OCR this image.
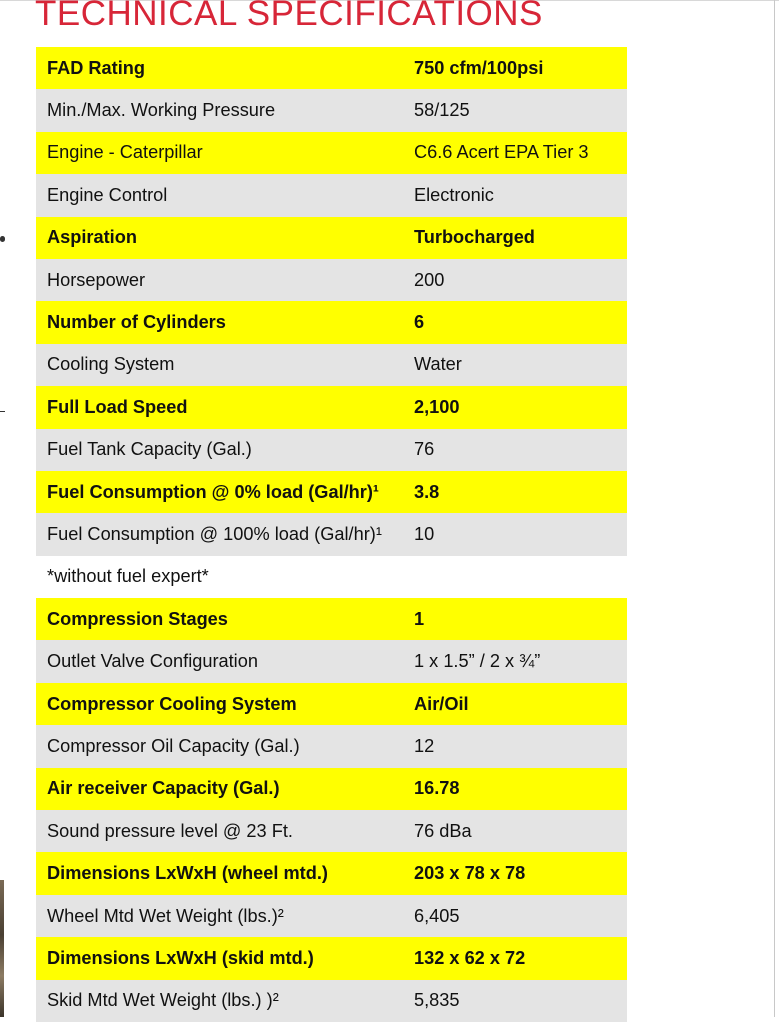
TECHNICAL SPECIFICATIONS
FAD Rating	750 cfm/100psi
Min./Max. Working Pressure	58/125
Engine - Caterpillar	C6.6 Acert EPA Tier 3
Engine Control	Electronic
Aspiration	Turbocharged
Horsepower	200
Number of Cylinders	6
Cooling System	Water
Full Load Speed	2,100
Fuel Tank Capacity (Gal.)	76
Fuel Consumption @ 0% load (Gal/hr)¹	3.8
Fuel Consumption @ 100% load (Gal/hr)¹	10
*without fuel expert*
Compression Stages	1
Outlet Valve Configuration	1 x 1.5” / 2 x ¾”
Compressor Cooling System	Air/Oil
Compressor Oil Capacity (Gal.)	12
Air receiver Capacity (Gal.)	16.78
Sound pressure level @ 23 Ft.	76 dBa
Dimensions LxWxH (wheel mtd.)	203 x 78 x 78
Wheel Mtd Wet Weight (lbs.)²	6,405
Dimensions LxWxH (skid mtd.)	132 x 62 x 72
Skid Mtd Wet Weight (lbs.) )²	5,835
